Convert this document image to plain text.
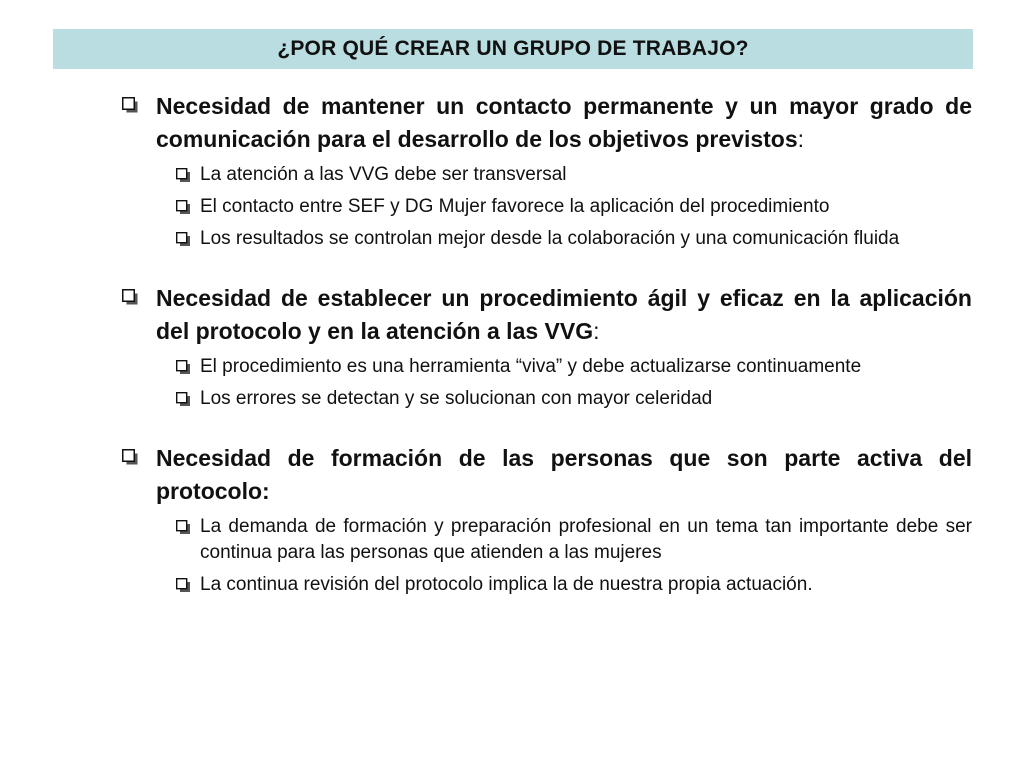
¿POR QUÉ CREAR UN GRUPO DE TRABAJO?
Necesidad de mantener un contacto permanente y un mayor grado de comunicación para el desarrollo de los objetivos previstos:
La atención a las VVG debe ser transversal
El contacto entre SEF y DG Mujer favorece la aplicación del procedimiento
Los resultados se controlan mejor desde la colaboración y una comunicación fluida
Necesidad de establecer un procedimiento ágil y eficaz en la aplicación del protocolo y en la atención a las VVG:
El procedimiento es una herramienta “viva” y debe actualizarse continuamente
Los errores se detectan y se solucionan con mayor celeridad
Necesidad de formación de las personas que son parte activa del protocolo:
La demanda de formación y preparación profesional en un tema tan importante debe ser continua para las personas que atienden a las mujeres
La continua revisión del protocolo implica la de nuestra propia actuación.
